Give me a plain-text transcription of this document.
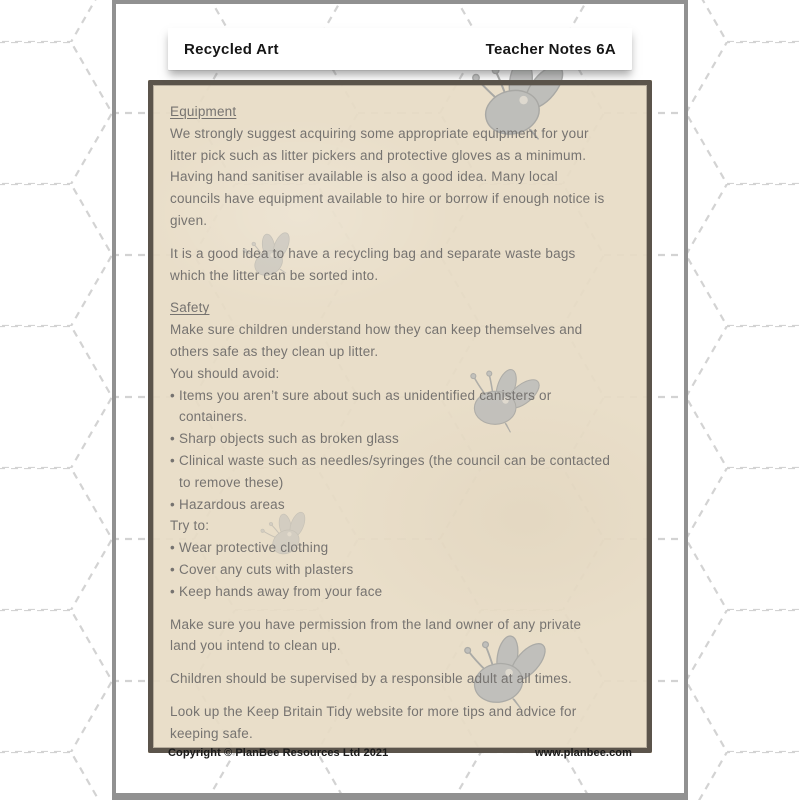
Recycled Art	Teacher Notes 6A

Equipment

We strongly suggest acquiring some appropriate equipment for your litter pick such as litter pickers and protective gloves as a minimum. Having hand sanitiser available is also a good idea. Many local councils have equipment available to hire or borrow if enough notice is given.

It is a good idea to have a recycling bag and separate waste bags which the litter can be sorted into.

Safety

Make sure children understand how they can keep themselves and others safe as they clean up litter.

You should avoid:

• Items you aren’t sure about such as unidentified canisters or containers.
• Sharp objects such as broken glass
• Clinical waste such as needles/syringes (the council can be contacted to remove these)
• Hazardous areas

Try to:

• Wear protective clothing
• Cover any cuts with plasters
• Keep hands away from your face

Make sure you have permission from the land owner of any private land you intend to clean up.

Children should be supervised by a responsible adult at all times.

Look up the Keep Britain Tidy website for more tips and advice for keeping safe.

Copyright © PlanBee Resources Ltd 2021	www.planbee.com
